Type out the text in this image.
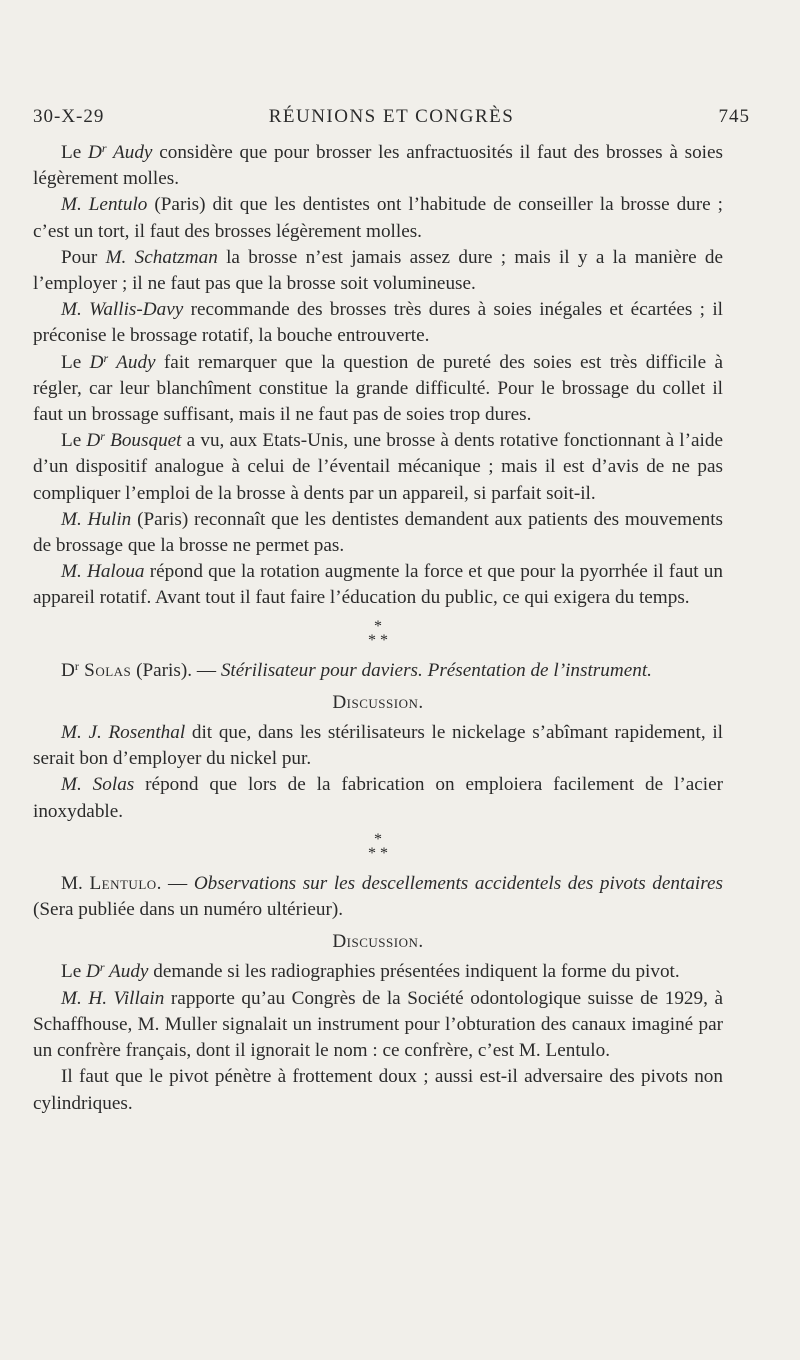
30-X-29	RÉUNIONS ET CONGRÈS	745

Le $D^r$ Audy considère que pour brosser les anfractuosités il faut des brosses à soies légèrement molles.

M. Lentulo (Paris) dit que les dentistes ont l’habitude de conseiller la brosse dure ; c’est un tort, il faut des brosses légèrement molles.

Pour M. Schatzman la brosse n’est jamais assez dure ; mais il y a la manière de l’employer ; il ne faut pas que la brosse soit volumineuse.

M. Wallis-Davy recommande des brosses très dures à soies inégales et écartées ; il préconise le brossage rotatif, la bouche entrouverte.

Le $D^r$ Audy fait remarquer que la question de pureté des soies est très difficile à régler, car leur blanchîment constitue la grande difficulté. Pour le brossage du collet il faut un brossage suffisant, mais il ne faut pas de soies trop dures.

Le $D^r$ Bousquet a vu, aux Etats-Unis, une brosse à dents rotative fonctionnant à l’aide d’un dispositif analogue à celui de l’éventail mécanique ; mais il est d’avis de ne pas compliquer l’emploi de la brosse à dents par un appareil, si parfait soit-il.

M. Hulin (Paris) reconnaît que les dentistes demandent aux patients des mouvements de brossage que la brosse ne permet pas.

M. Haloua répond que la rotation augmente la force et que pour la pyorrhée il faut un appareil rotatif. Avant tout il faut faire l’éducation du public, ce qui exigera du temps.

*
* *

$D^r$ Solas (Paris). — Stérilisateur pour daviers. Présentation de l’instrument.

Discussion.

M. J. Rosenthal dit que, dans les stérilisateurs le nickelage s’abîmant rapidement, il serait bon d’employer du nickel pur.

M. Solas répond que lors de la fabrication on emploiera facilement de l’acier inoxydable.

*
* *

M. Lentulo. — Observations sur les descellements accidentels des pivots dentaires (Sera publiée dans un numéro ultérieur).

Discussion.

Le $D^r$ Audy demande si les radiographies présentées indiquent la forme du pivot.

M. H. Villain rapporte qu’au Congrès de la Société odontologique suisse de 1929, à Schaffhouse, M. Muller signalait un instrument pour l’obturation des canaux imaginé par un confrère français, dont il ignorait le nom : ce confrère, c’est M. Lentulo.

Il faut que le pivot pénètre à frottement doux ; aussi est-il adversaire des pivots non cylindriques.
